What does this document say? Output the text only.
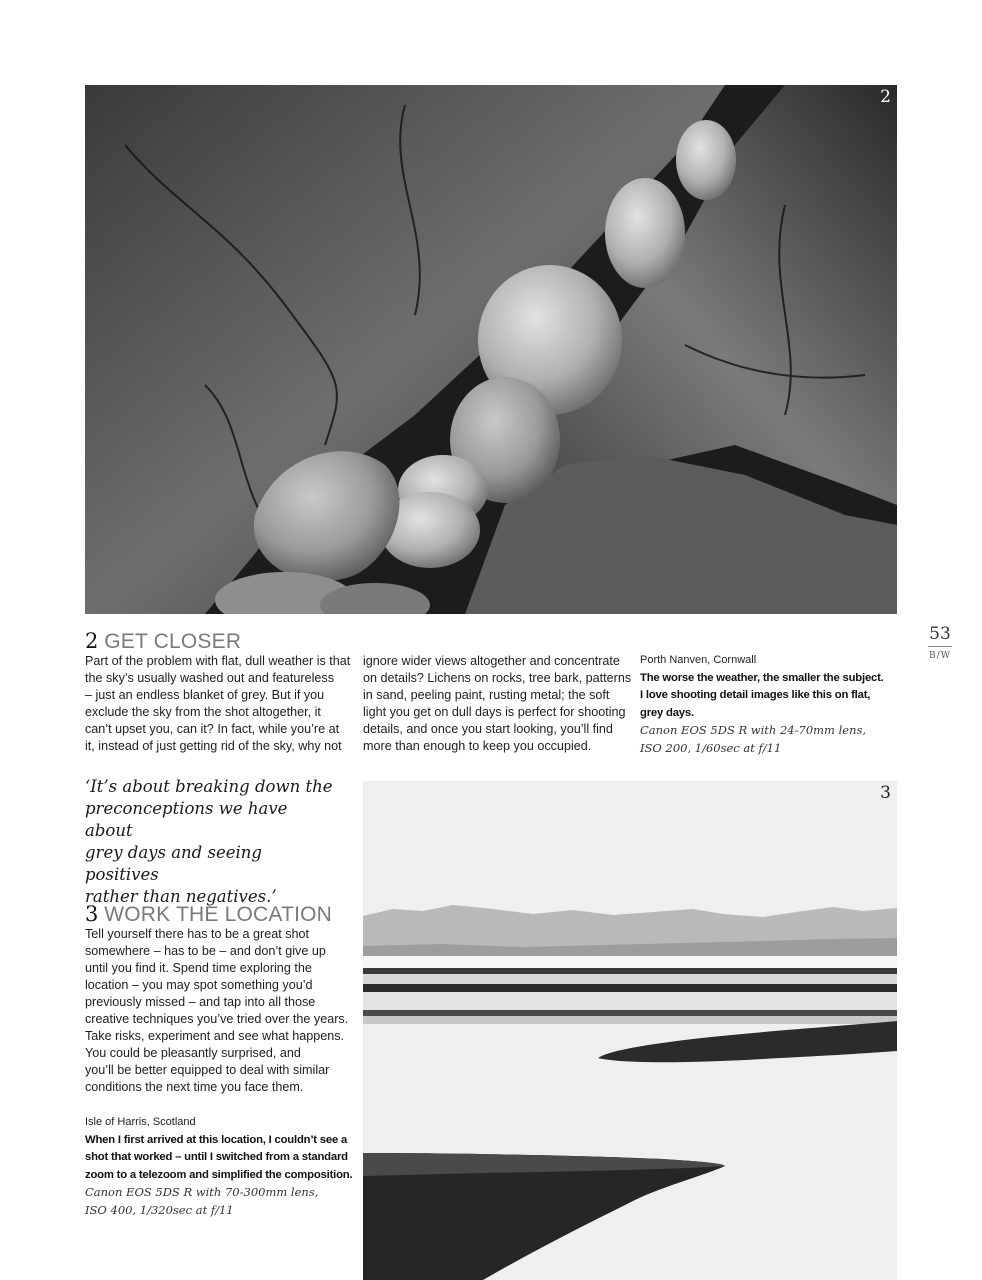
2
53
B/W
2 GET CLOSER

Part of the problem with flat, dull weather is that

the sky’s usually washed out and featureless

– just an endless blanket of grey. But if you

exclude the sky from the shot altogether, it

can’t upset you, can it? In fact, while you’re at

it, instead of just getting rid of the sky, why not

ignore wider views altogether and concentrate

on details? Lichens on rocks, tree bark, patterns

in sand, peeling paint, rusting metal; the soft

light you get on dull days is perfect for shooting

details, and once you start looking, you’ll find

more than enough to keep you occupied.

Porth Nanven, Cornwall
The worse the weather, the smaller the subject.
I love shooting detail images like this on flat,
grey days.
Canon EOS 5DS R with 24-70mm lens,
ISO 200, 1/60sec at f/11
‘It’s about breaking down the
preconceptions we have about
grey days and seeing positives
rather than negatives.’
3 WORK THE LOCATION

Tell yourself there has to be a great shot

somewhere – has to be – and don’t give up

until you find it. Spend time exploring the

location – you may spot something you’d

previously missed – and tap into all those

creative techniques you’ve tried over the years.

Take risks, experiment and see what happens.

You could be pleasantly surprised, and

you’ll be better equipped to deal with similar

conditions the next time you face them.

Isle of Harris, Scotland
When I first arrived at this location, I couldn’t see a
shot that worked – until I switched from a standard
zoom to a telezoom and simplified the composition.
Canon EOS 5DS R with 70-300mm lens,
ISO 400, 1/320sec at f/11
3
